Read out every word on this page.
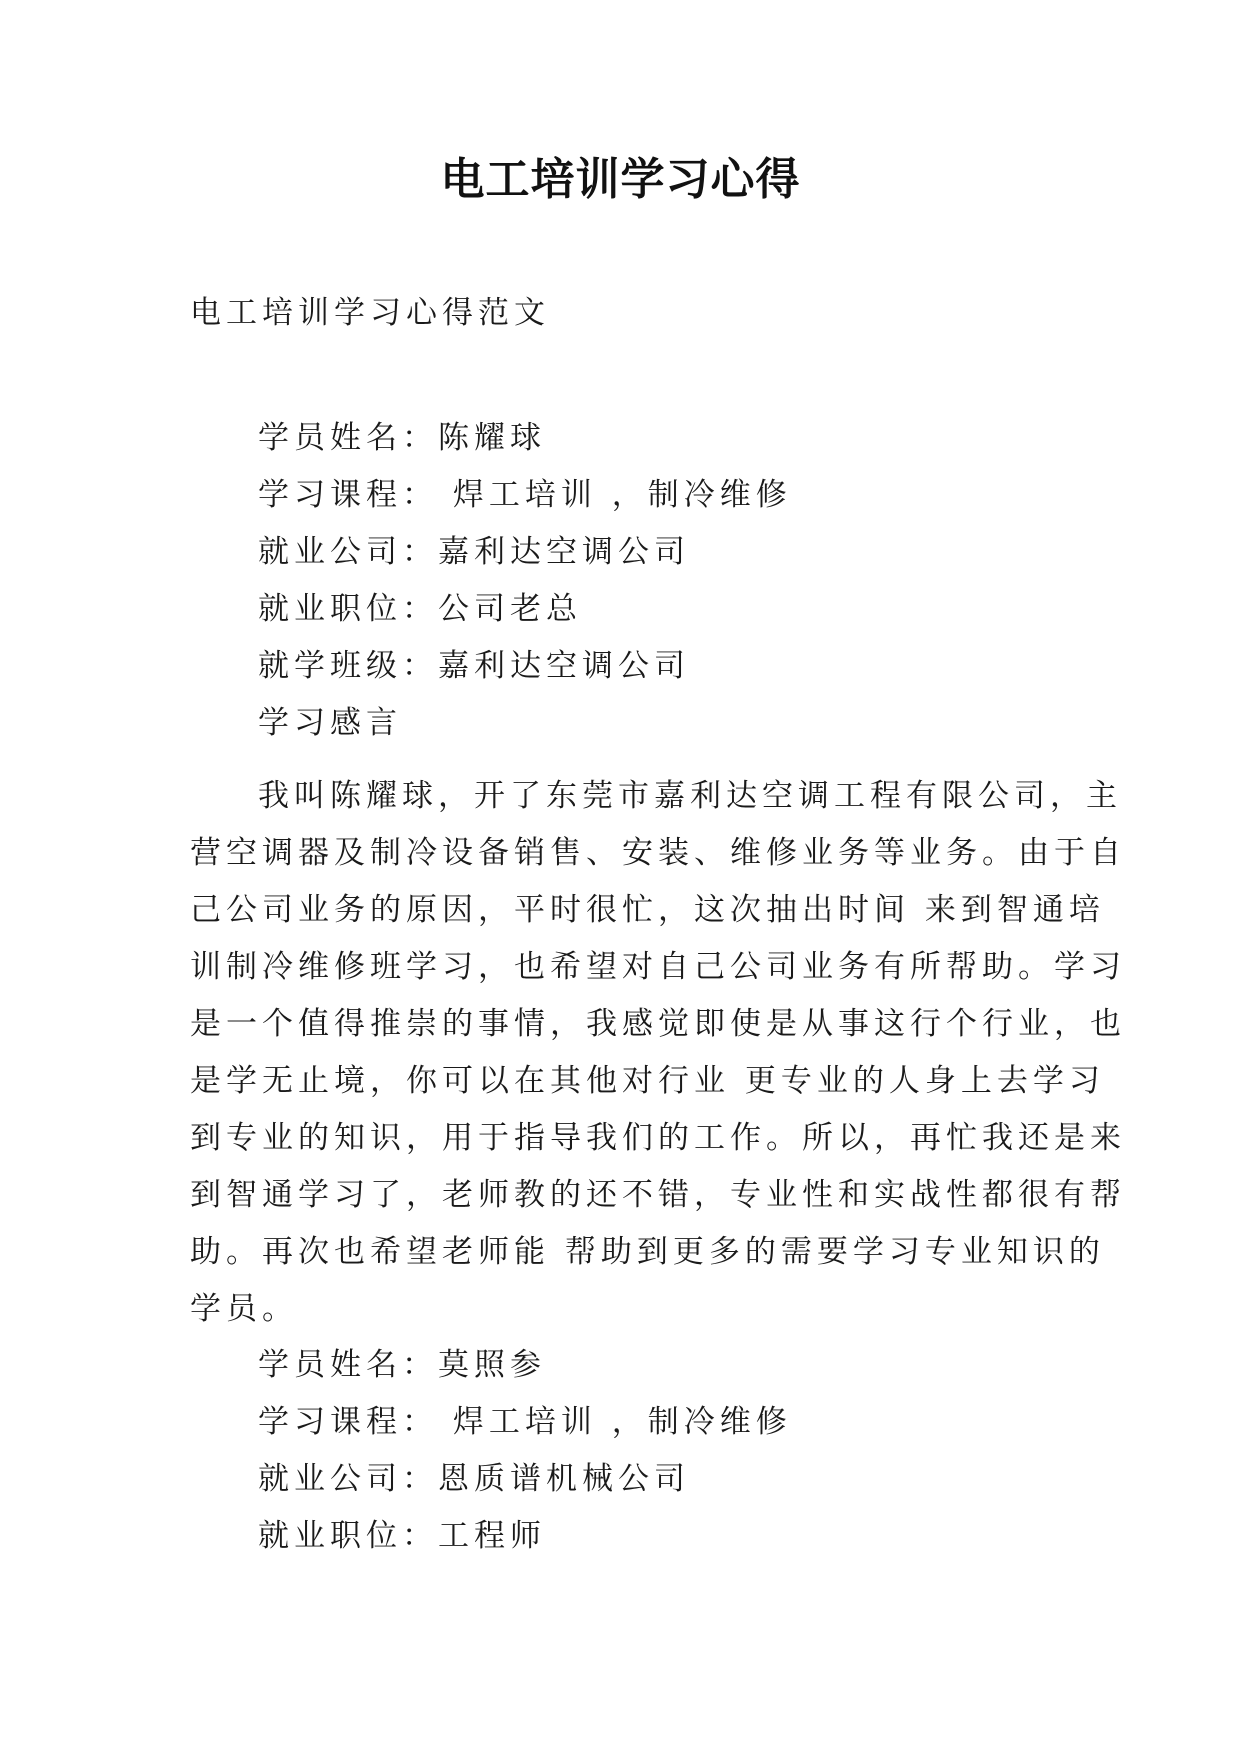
电工培训学习心得
电工培训学习心得范文
学员姓名：陈耀球
学习课程： 焊工培训 ，制冷维修
就业公司：嘉利达空调公司
就业职位：公司老总
就学班级：嘉利达空调公司
学习感言
我叫陈耀球，开了东莞市嘉利达空调工程有限公司，主
营空调器及制冷设备销售、安装、维修业务等业务。由于自
己公司业务的原因，平时很忙，这次抽出时间 来到智通培
训制冷维修班学习，也希望对自己公司业务有所帮助。学习
是一个值得推崇的事情，我感觉即使是从事这行个行业，也
是学无止境，你可以在其他对行业 更专业的人身上去学习
到专业的知识，用于指导我们的工作。所以，再忙我还是来
到智通学习了，老师教的还不错，专业性和实战性都很有帮
助。再次也希望老师能 帮助到更多的需要学习专业知识的
学员。
学员姓名：莫照参
学习课程： 焊工培训 ，制冷维修
就业公司：恩质谱机械公司
就业职位：工程师
